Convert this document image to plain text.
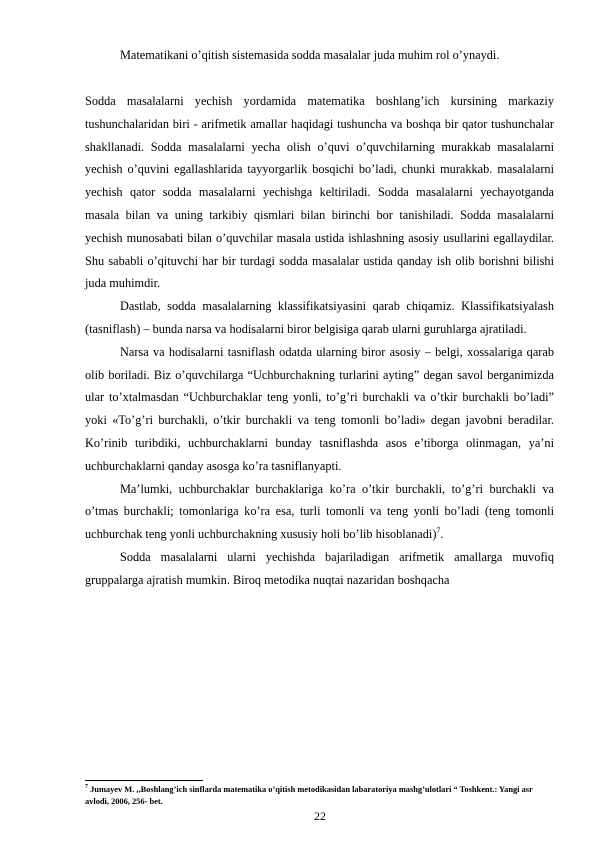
Matematikani o’qitish sistemasida sodda masalalar juda muhim rol o’ynaydi.

Sodda masalalarni yechish yordamida matematika boshlang’ich kursining markaziy tushunchalaridan biri - arifmetik amallar haqidagi tushuncha va boshqa bir qator tushunchalar shakllanadi. Sodda masalalarni yecha olish o’quvi o’quvchilarning murakkab masalalarni yechish o’quvini egallashlarida tayyorgarlik bosqichi bo’ladi, chunki murakkab. masalalarni yechish qator sodda masalalarni yechishga keltiriladi. Sodda masalalarni yechayotganda masala bilan va uning tarkibiy qismlari bilan birinchi bor tanishiladi. Sodda masalalarni yechish munosabati bilan o’quvchilar masala ustida ishlashning asosiy usullarini egallaydilar. Shu sababli o’qituvchi har bir turdagi sodda masalalar ustida qanday ish olib borishni bilishi juda muhimdir.

Dastlab, sodda masalalarning klassifikatsiyasini qarab chiqamiz. Klassifikatsiyalash (tasniflash) – bunda narsa va hodisalarni biror belgisiga qarab ularni guruhlarga ajratiladi.

Narsa va hodisalarni tasniflash odatda ularning biror asosiy – belgi, xossalariga qarab olib boriladi. Biz o’quvchilarga “Uchburchakning turlarini ayting” degan savol berganimizda ular to’xtalmasdan “Uchburchaklar teng yonli, to’g’ri burchakli va o’tkir burchakli bo’ladi” yoki «To’g’ri burchakli, o’tkir burchakli va teng tomonli bo’ladi» degan javobni beradilar. Ko’rinib turibdiki, uchburchaklarni bunday tasniflashda asos e’tiborga olinmagan, ya’ni uchburchaklarni qanday asosga ko’ra tasniflanyapti.

Ma’lumki, uchburchaklar burchaklariga ko’ra o’tkir burchakli, to’g’ri burchakli va o’tmas burchakli; tomonlariga ko’ra esa, turli tomonli va teng yonli bo’ladi (teng tomonli uchburchak teng yonli uchburchakning xususiy holi bo’lib hisoblanadi)$^7$.

Sodda masalalarni ularni yechishda bajariladigan arifmetik amallarga muvofiq gruppalarga ajratish mumkin. Biroq metodika nuqtai nazaridan boshqacha

$^7$ Jumayev M. ,,Boshlang’ich sinflarda matematika o’qitish metodikasidan labaratoriya mashg’ulotlari “ Toshkent.: Yangi asr avlodi, 2006, 256- bet.

22
